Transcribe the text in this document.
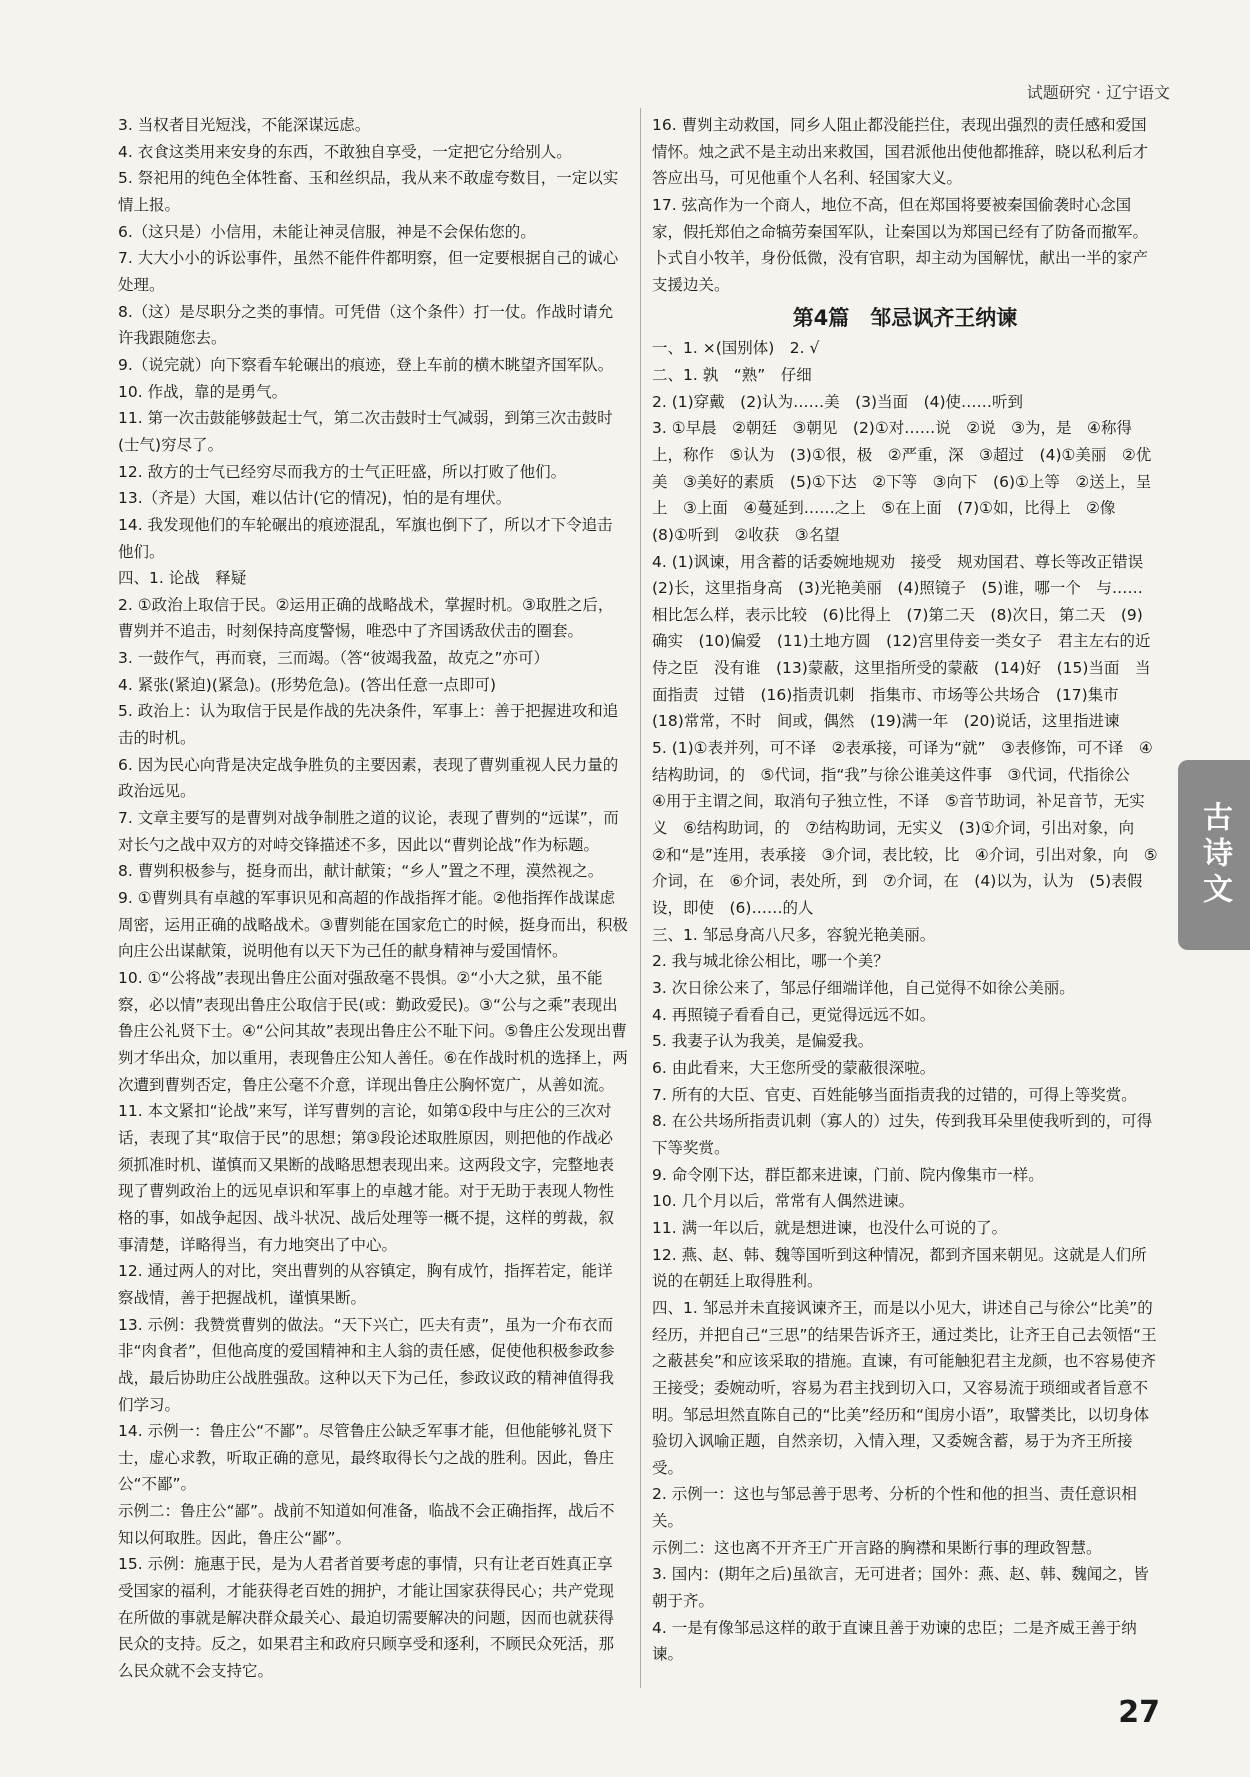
试题研究 · 辽宁语文

3. 当权者目光短浅，不能深谋远虑。

4. 衣食这类用来安身的东西，不敢独自享受，一定把它分给别人。

5. 祭祀用的纯色全体牲畜、玉和丝织品，我从来不敢虚夸数目，一定以实情上报。

6.（这只是）小信用，未能让神灵信服，神是不会保佑您的。

7. 大大小小的诉讼事件，虽然不能件件都明察，但一定要根据自己的诚心处理。

8.（这）是尽职分之类的事情。可凭借（这个条件）打一仗。作战时请允许我跟随您去。

9.（说完就）向下察看车轮碾出的痕迹，登上车前的横木眺望齐国军队。

10. 作战，靠的是勇气。

11. 第一次击鼓能够鼓起士气，第二次击鼓时士气减弱，到第三次击鼓时(士气)穷尽了。

12. 敌方的士气已经穷尽而我方的士气正旺盛，所以打败了他们。

13.（齐是）大国，难以估计(它的情况)，怕的是有埋伏。

14. 我发现他们的车轮碾出的痕迹混乱，军旗也倒下了，所以才下令追击他们。

四、1. 论战　释疑

2. ①政治上取信于民。②运用正确的战略战术，掌握时机。③取胜之后，曹刿并不追击，时刻保持高度警惕，唯恐中了齐国诱敌伏击的圈套。

3. 一鼓作气，再而衰，三而竭。（答“彼竭我盈，故克之”亦可）

4. 紧张(紧迫)(紧急)。(形势危急)。(答出任意一点即可)

5. 政治上：认为取信于民是作战的先决条件，军事上：善于把握进攻和追击的时机。

6. 因为民心向背是决定战争胜负的主要因素，表现了曹刿重视人民力量的政治远见。

7. 文章主要写的是曹刿对战争制胜之道的议论，表现了曹刿的“远谋”，而对长勺之战中双方的对峙交锋描述不多，因此以“曹刿论战”作为标题。

8. 曹刿积极参与，挺身而出，献计献策；“乡人”置之不理，漠然视之。

9. ①曹刿具有卓越的军事识见和高超的作战指挥才能。②他指挥作战谋虑周密，运用正确的战略战术。③曹刿能在国家危亡的时候，挺身而出，积极向庄公出谋献策，说明他有以天下为己任的献身精神与爱国情怀。

10. ①“公将战”表现出鲁庄公面对强敌毫不畏惧。②“小大之狱，虽不能察，必以情”表现出鲁庄公取信于民(或：勤政爱民)。③“公与之乘”表现出鲁庄公礼贤下士。④“公问其故”表现出鲁庄公不耻下问。⑤鲁庄公发现出曹刿才华出众，加以重用，表现鲁庄公知人善任。⑥在作战时机的选择上，两次遭到曹刿否定，鲁庄公毫不介意，详现出鲁庄公胸怀宽广，从善如流。

11. 本文紧扣“论战”来写，详写曹刿的言论，如第①段中与庄公的三次对话，表现了其“取信于民”的思想；第③段论述取胜原因，则把他的作战必须抓准时机、谨慎而又果断的战略思想表现出来。这两段文字，完整地表现了曹刿政治上的远见卓识和军事上的卓越才能。对于无助于表现人物性格的事，如战争起因、战斗状况、战后处理等一概不提，这样的剪裁，叙事清楚，详略得当，有力地突出了中心。

12. 通过两人的对比，突出曹刿的从容镇定，胸有成竹，指挥若定，能详察战情，善于把握战机，谨慎果断。

13. 示例：我赞赏曹刿的做法。“天下兴亡，匹夫有责”，虽为一介布衣而非“肉食者”，但他高度的爱国精神和主人翁的责任感，促使他积极参政参战，最后协助庄公战胜强敌。这种以天下为己任，参政议政的精神值得我们学习。

14. 示例一：鲁庄公“不鄙”。尽管鲁庄公缺乏军事才能，但他能够礼贤下士，虚心求教，听取正确的意见，最终取得长勺之战的胜利。因此，鲁庄公“不鄙”。

示例二：鲁庄公“鄙”。战前不知道如何准备，临战不会正确指挥，战后不知以何取胜。因此，鲁庄公“鄙”。

15. 示例：施惠于民，是为人君者首要考虑的事情，只有让老百姓真正享受国家的福利，才能获得老百姓的拥护，才能让国家获得民心；共产党现在所做的事就是解决群众最关心、最迫切需要解决的问题，因而也就获得民众的支持。反之，如果君主和政府只顾享受和逐利，不顾民众死活，那么民众就不会支持它。

16. 曹刿主动救国，同乡人阻止都没能拦住，表现出强烈的责任感和爱国情怀。烛之武不是主动出来救国，国君派他出使他都推辞，晓以私利后才答应出马，可见他重个人名利、轻国家大义。

17. 弦高作为一个商人，地位不高，但在郑国将要被秦国偷袭时心念国家，假托郑伯之命犒劳秦国军队，让秦国以为郑国已经有了防备而撤军。卜式自小牧羊，身份低微，没有官职，却主动为国解忧，献出一半的家产支援边关。

第4篇　邹忌讽齐王纳谏

一、1. ×(国别体)　2. √

二、1. 孰　“熟”　仔细

2. (1)穿戴　(2)认为……美　(3)当面　(4)使……听到

3. ①早晨　②朝廷　③朝见　(2)①对……说　②说　③为，是　④称得上，称作　⑤认为　(3)①很，极　②严重，深　③超过　(4)①美丽　②优美　③美好的素质　(5)①下达　②下等　③向下　(6)①上等　②送上，呈上　③上面　④蔓延到……之上　⑤在上面　(7)①如，比得上　②像　(8)①听到　②收获　③名望

4. (1)讽谏，用含蓄的话委婉地规劝　接受　规劝国君、尊长等改正错误　(2)长，这里指身高　(3)光艳美丽　(4)照镜子　(5)谁，哪一个　与……相比怎么样，表示比较　(6)比得上　(7)第二天　(8)次日，第二天　(9)确实　(10)偏爱　(11)土地方圆　(12)宫里侍妾一类女子　君主左右的近侍之臣　没有谁　(13)蒙蔽，这里指所受的蒙蔽　(14)好　(15)当面　当面指责　过错　(16)指责讥刺　指集市、市场等公共场合　(17)集市　(18)常常，不时　间或，偶然　(19)满一年　(20)说话，这里指进谏

5. (1)①表并列，可不译　②表承接，可译为“就”　③表修饰，可不译　④结构助词，的　⑤代词，指“我”与徐公谁美这件事　③代词，代指徐公　④用于主谓之间，取消句子独立性，不译　⑤音节助词，补足音节，无实义　⑥结构助词，的　⑦结构助词，无实义　(3)①介词，引出对象，向　②和“是”连用，表承接　③介词，表比较，比　④介词，引出对象，向　⑤介词，在　⑥介词，表处所，到　⑦介词，在　(4)以为，认为　(5)表假设，即使　(6)……的人

三、1. 邹忌身高八尺多，容貌光艳美丽。

2. 我与城北徐公相比，哪一个美？

3. 次日徐公来了，邹忌仔细端详他，自己觉得不如徐公美丽。

4. 再照镜子看看自己，更觉得远远不如。

5. 我妻子认为我美，是偏爱我。

6. 由此看来，大王您所受的蒙蔽很深啦。

7. 所有的大臣、官吏、百姓能够当面指责我的过错的，可得上等奖赏。

8. 在公共场所指责讥刺（寡人的）过失，传到我耳朵里使我听到的，可得下等奖赏。

9. 命令刚下达，群臣都来进谏，门前、院内像集市一样。

10. 几个月以后，常常有人偶然进谏。

11. 满一年以后，就是想进谏，也没什么可说的了。

12. 燕、赵、韩、魏等国听到这种情况，都到齐国来朝见。这就是人们所说的在朝廷上取得胜利。

四、1. 邹忌并未直接讽谏齐王，而是以小见大，讲述自己与徐公“比美”的经历，并把自己“三思”的结果告诉齐王，通过类比，让齐王自己去领悟“王之蔽甚矣”和应该采取的措施。直谏，有可能触犯君主龙颜，也不容易使齐王接受；委婉动听，容易为君主找到切入口，又容易流于琐细或者旨意不明。邹忌坦然直陈自己的“比美”经历和“闺房小语”，取譬类比，以切身体验切入讽喻正题，自然亲切，入情入理，又委婉含蓄，易于为齐王所接受。

2. 示例一：这也与邹忌善于思考、分析的个性和他的担当、责任意识相关。

示例二：这也离不开齐王广开言路的胸襟和果断行事的理政智慧。

3. 国内：(期年之后)虽欲言，无可进者；国外：燕、赵、韩、魏闻之，皆朝于齐。

4. 一是有像邹忌这样的敢于直谏且善于劝谏的忠臣；二是齐威王善于纳谏。

古诗文
27
